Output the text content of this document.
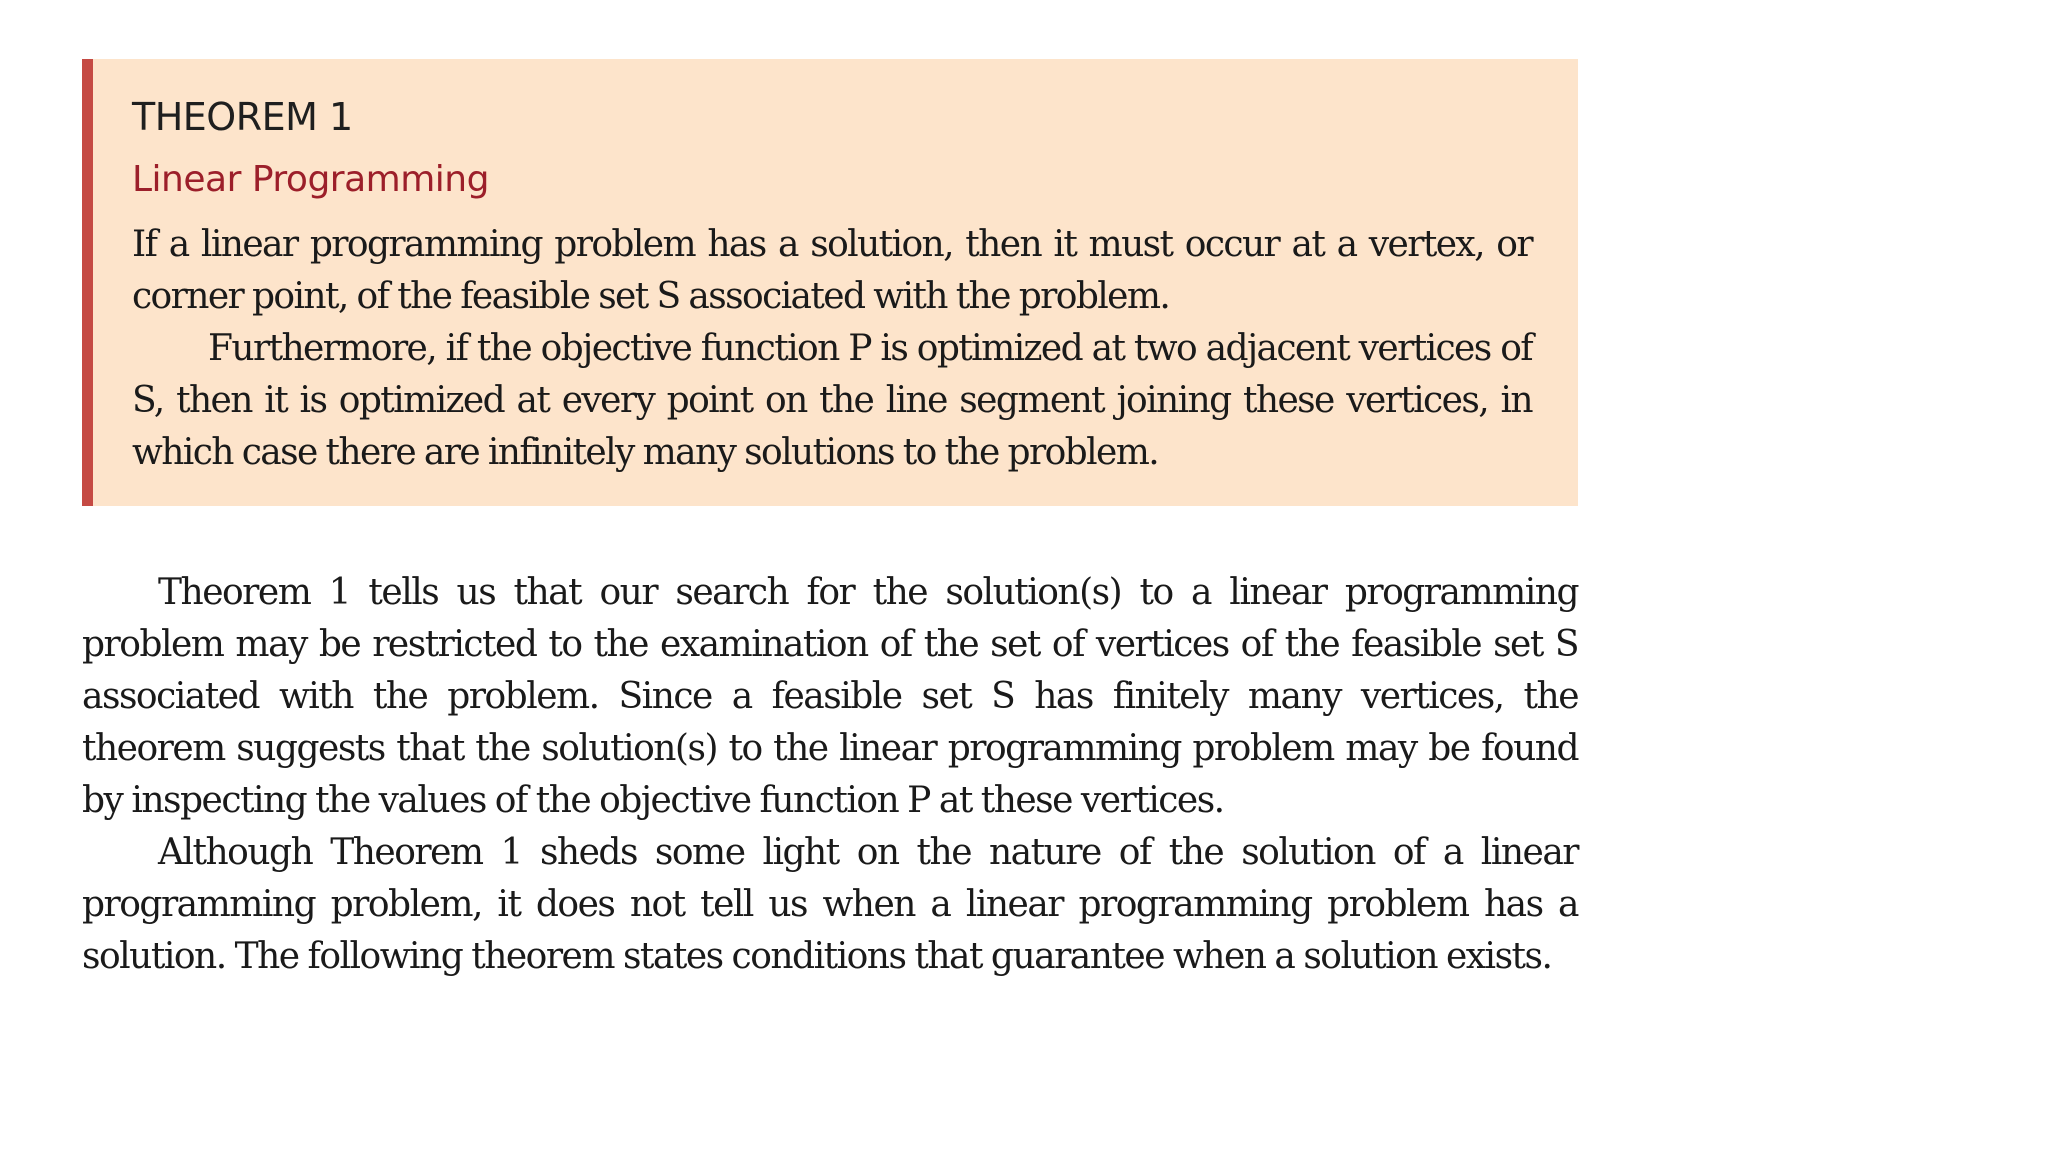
THEOREM 1
Linear Programming

If a linear programming problem has a solution, then it must occur at a vertex, or corner point, of the feasible set S associated with the problem.

Furthermore, if the objective function P is optimized at two adjacent vertices of S, then it is optimized at every point on the line segment joining these vertices, in which case there are infinitely many solutions to the problem.

Theorem 1 tells us that our search for the solution(s) to a linear programming problem may be restricted to the examination of the set of vertices of the feasible set S associated with the problem. Since a feasible set S has finitely many vertices, the theorem suggests that the solution(s) to the linear programming problem may be found by inspecting the values of the objective function P at these vertices.

Although Theorem 1 sheds some light on the nature of the solution of a linear programming problem, it does not tell us when a linear programming problem has a solution. The following theorem states conditions that guarantee when a solution exists.
